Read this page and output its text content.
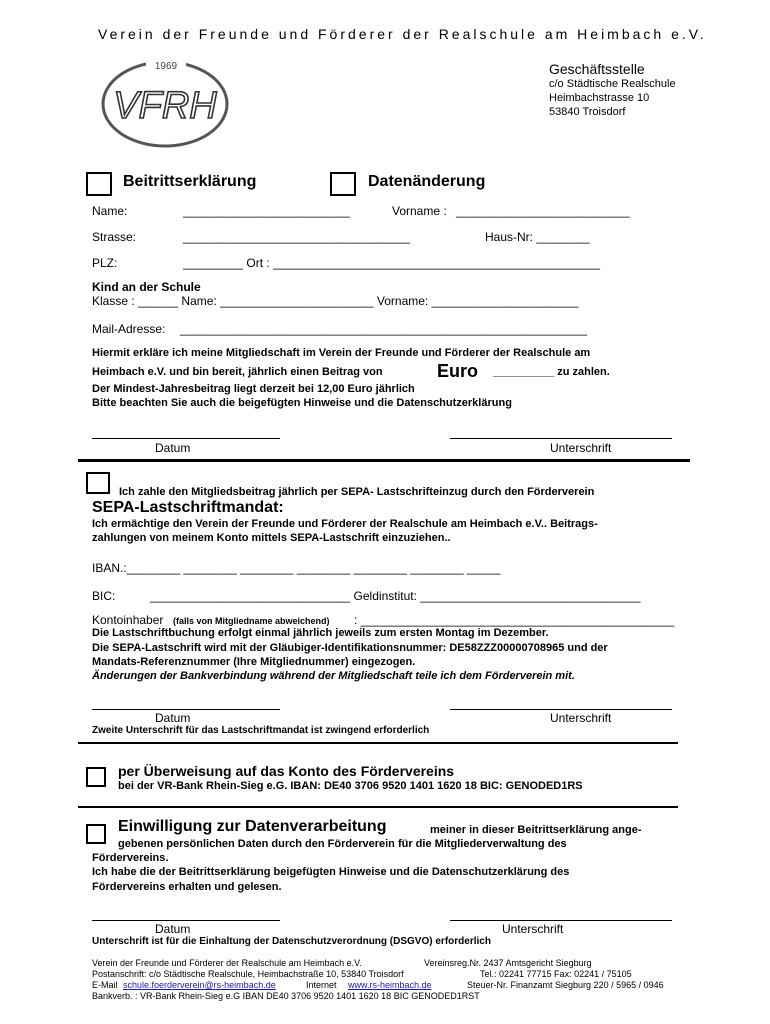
Verein der Freunde und Förderer der Realschule am Heimbach e.V.
1969
VFRH
Geschäftsstelle
c/o Städtische Realschule
Heimbachstrasse 10
53840 Troisdorf
Beitrittserklärung	Datenänderung
Name:	_________________________	Vorname : __________________________
Strasse:	__________________________________	Haus-Nr: ________
PLZ:	_________ Ort : _________________________________________________
Kind an der Schule
Klasse : ______ Name: _______________________ Vorname: ______________________
Mail-Adresse: _____________________________________________________________
Hiermit erkläre ich meine Mitgliedschaft im Verein der Freunde und Förderer der Realschule am
Heimbach e.V. und bin bereit, jährlich einen Beitrag von	Euro __________ zu zahlen.
Der Mindest-Jahresbeitrag liegt derzeit bei 12,00 Euro jährlich
Bitte beachten Sie auch die beigefügten Hinweise und die Datenschutzerklärung
Datum	Unterschrift
Ich zahle den Mitgliedsbeitrag jährlich per SEPA- Lastschrifteinzug durch den Förderverein
SEPA-Lastschriftmandat:
Ich ermächtige den Verein der Freunde und Förderer der Realschule am Heimbach e.V.. Beitrags-
zahlungen von meinem Konto mittels SEPA-Lastschrift einzuziehen..
IBAN.:________ ________ ________ ________ ________ ________ _____
BIC:	______________________________ Geldinstitut: _________________________________
Kontoinhaber (falls von Mitgliedname abweichend) : _______________________________________________
Die Lastschriftbuchung erfolgt einmal jährlich jeweils zum ersten Montag im Dezember.
Die SEPA-Lastschrift wird mit der Gläubiger-Identifikationsnummer: DE58ZZZ00000708965 und der
Mandats-Referenznummer (Ihre Mitgliednummer) eingezogen.
Änderungen der Bankverbindung während der Mitgliedschaft teile ich dem Förderverein mit.
Datum	Unterschrift
Zweite Unterschrift für das Lastschriftmandat ist zwingend erforderlich
per Überweisung auf das Konto des Fördervereins
bei der VR-Bank Rhein-Sieg e.G. IBAN: DE40 3706 9520 1401 1620 18 BIC: GENODED1RS
Einwilligung zur Datenverarbeitung	meiner in dieser Beitrittserklärung ange-
gebenen persönlichen Daten durch den Förderverein für die Mitgliederverwaltung des
Fördervereins.
Ich habe die der Beitrittserklärung beigefügten Hinweise und die Datenschutzerklärung des
Fördervereins erhalten und gelesen.
Datum	Unterschrift
Unterschrift ist für die Einhaltung der Datenschutzverordnung (DSGVO) erforderlich
Verein der Freunde und Förderer der Realschule am Heimbach e.V.	Vereinsreg.Nr. 2437 Amtsgericht Siegburg
Postanschrift: c/o Städtische Realschule, Heimbachstraße 10, 53840 Troisdorf	Tel.: 02241 77715 Fax: 02241 / 75105
E-Mail schule.foerderverein@rs-heimbach.de	Internet www.rs-heimbach.de	Steuer-Nr. Finanzamt Siegburg 220 / 5965 / 0946
Bankverb. : VR-Bank Rhein-Sieg e.G IBAN DE40 3706 9520 1401 1620 18 BIC GENODED1RST
